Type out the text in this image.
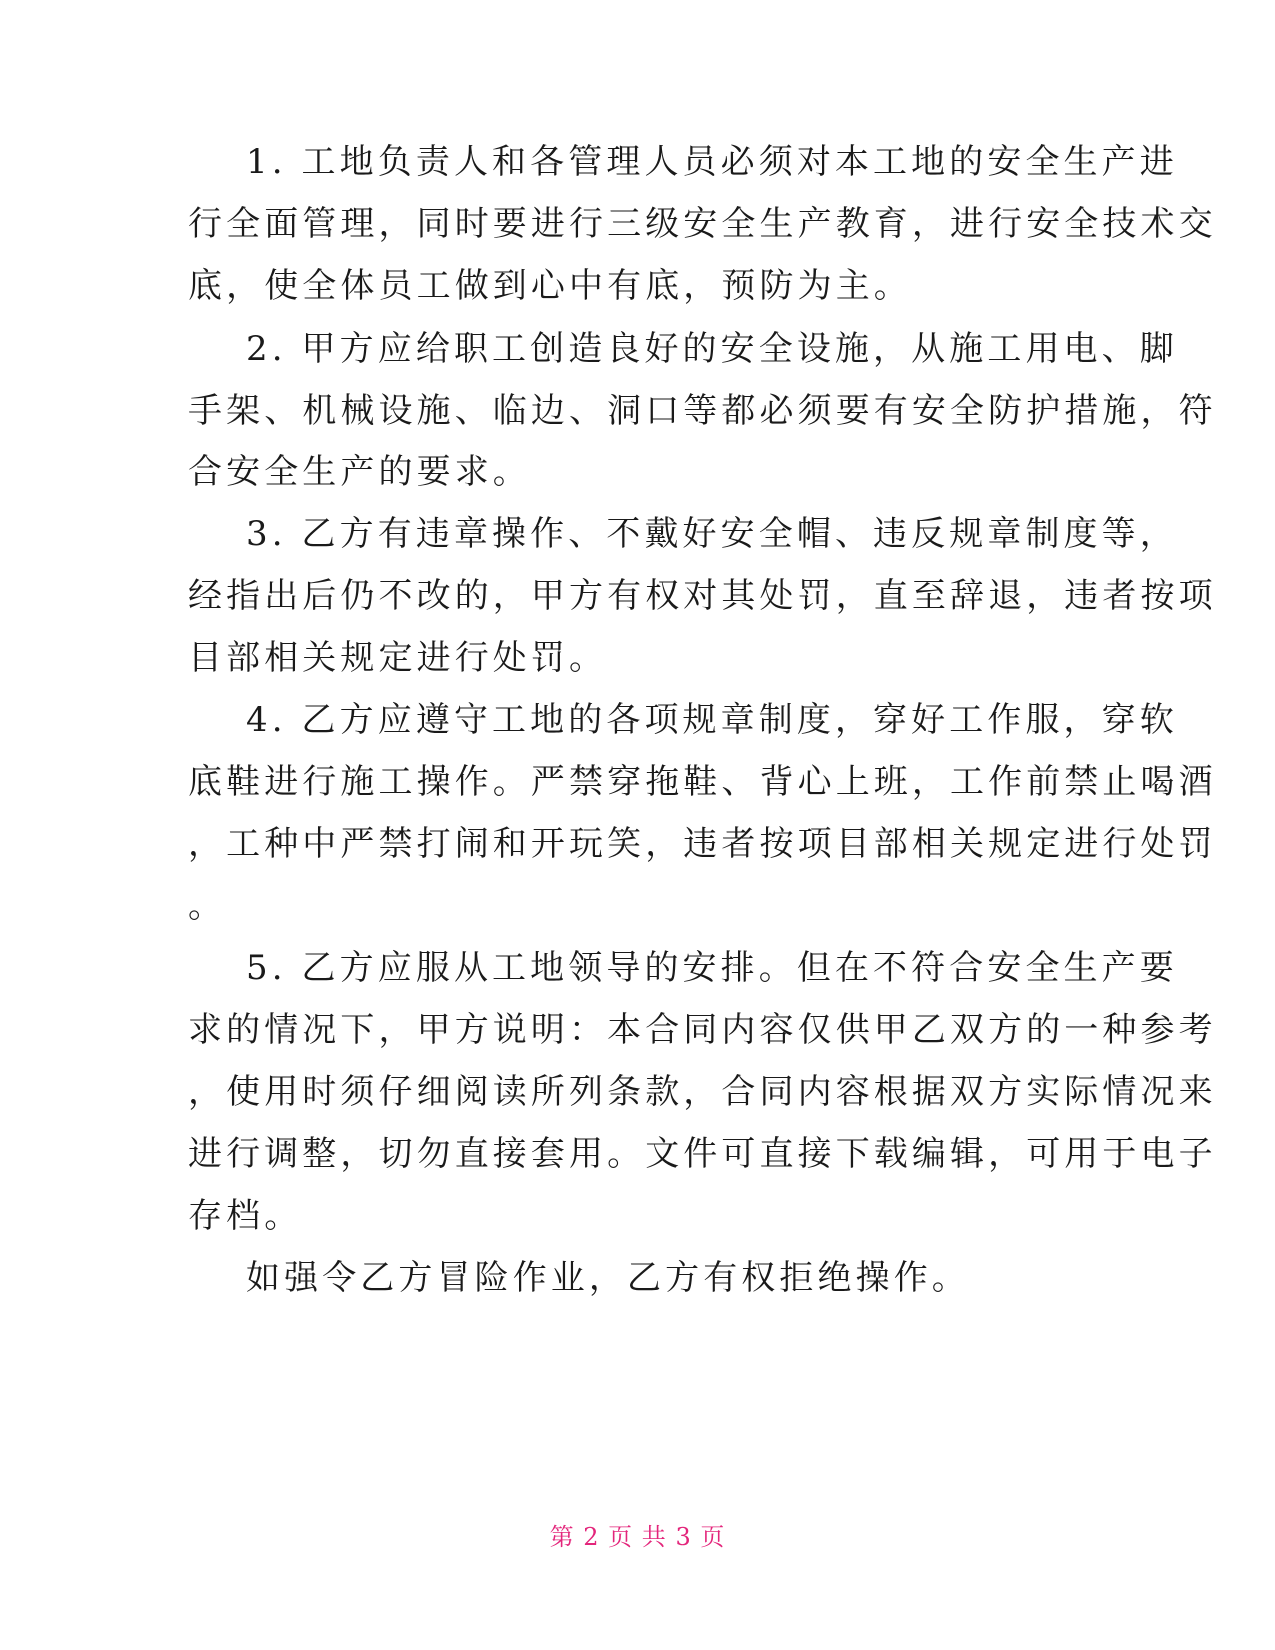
1. 工地负责人和各管理人员必须对本工地的安全生产进
行全面管理，同时要进行三级安全生产教育，进行安全技术交
底，使全体员工做到心中有底，预防为主。
2. 甲方应给职工创造良好的安全设施，从施工用电、脚
手架、机械设施、临边、洞口等都必须要有安全防护措施，符
合安全生产的要求。
3. 乙方有违章操作、不戴好安全帽、违反规章制度等，
经指出后仍不改的，甲方有权对其处罚，直至辞退，违者按项
目部相关规定进行处罚。
4. 乙方应遵守工地的各项规章制度，穿好工作服，穿软
底鞋进行施工操作。严禁穿拖鞋、背心上班，工作前禁止喝酒
，工种中严禁打闹和开玩笑，违者按项目部相关规定进行处罚
。
5. 乙方应服从工地领导的安排。但在不符合安全生产要
求的情况下，甲方说明：本合同内容仅供甲乙双方的一种参考
，使用时须仔细阅读所列条款，合同内容根据双方实际情况来
进行调整，切勿直接套用。文件可直接下载编辑，可用于电子
存档。
如强令乙方冒险作业，乙方有权拒绝操作。
第 2 页 共 3 页
